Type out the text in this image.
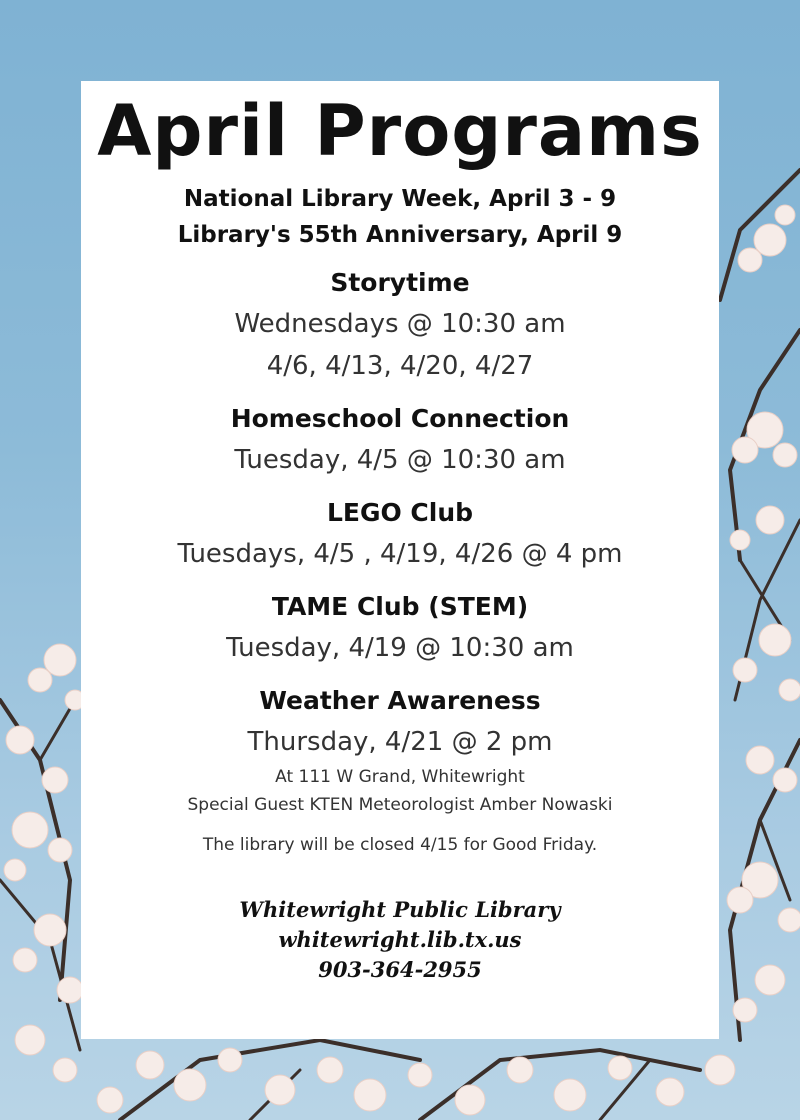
April Programs
National Library Week, April 3 - 9
Library's 55th Anniversary, April 9
Storytime
Wednesdays @ 10:30 am
4/6, 4/13, 4/20, 4/27
Homeschool Connection
Tuesday, 4/5 @ 10:30 am
LEGO Club
Tuesdays, 4/5 , 4/19, 4/26 @ 4 pm
TAME Club (STEM)
Tuesday, 4/19 @ 10:30 am
Weather Awareness
Thursday, 4/21 @ 2 pm
At 111 W Grand, Whitewright
Special Guest KTEN Meteorologist Amber Nowaski
The library will be closed 4/15 for Good Friday.
Whitewright Public Library
whitewright.lib.tx.us
903-364-2955
